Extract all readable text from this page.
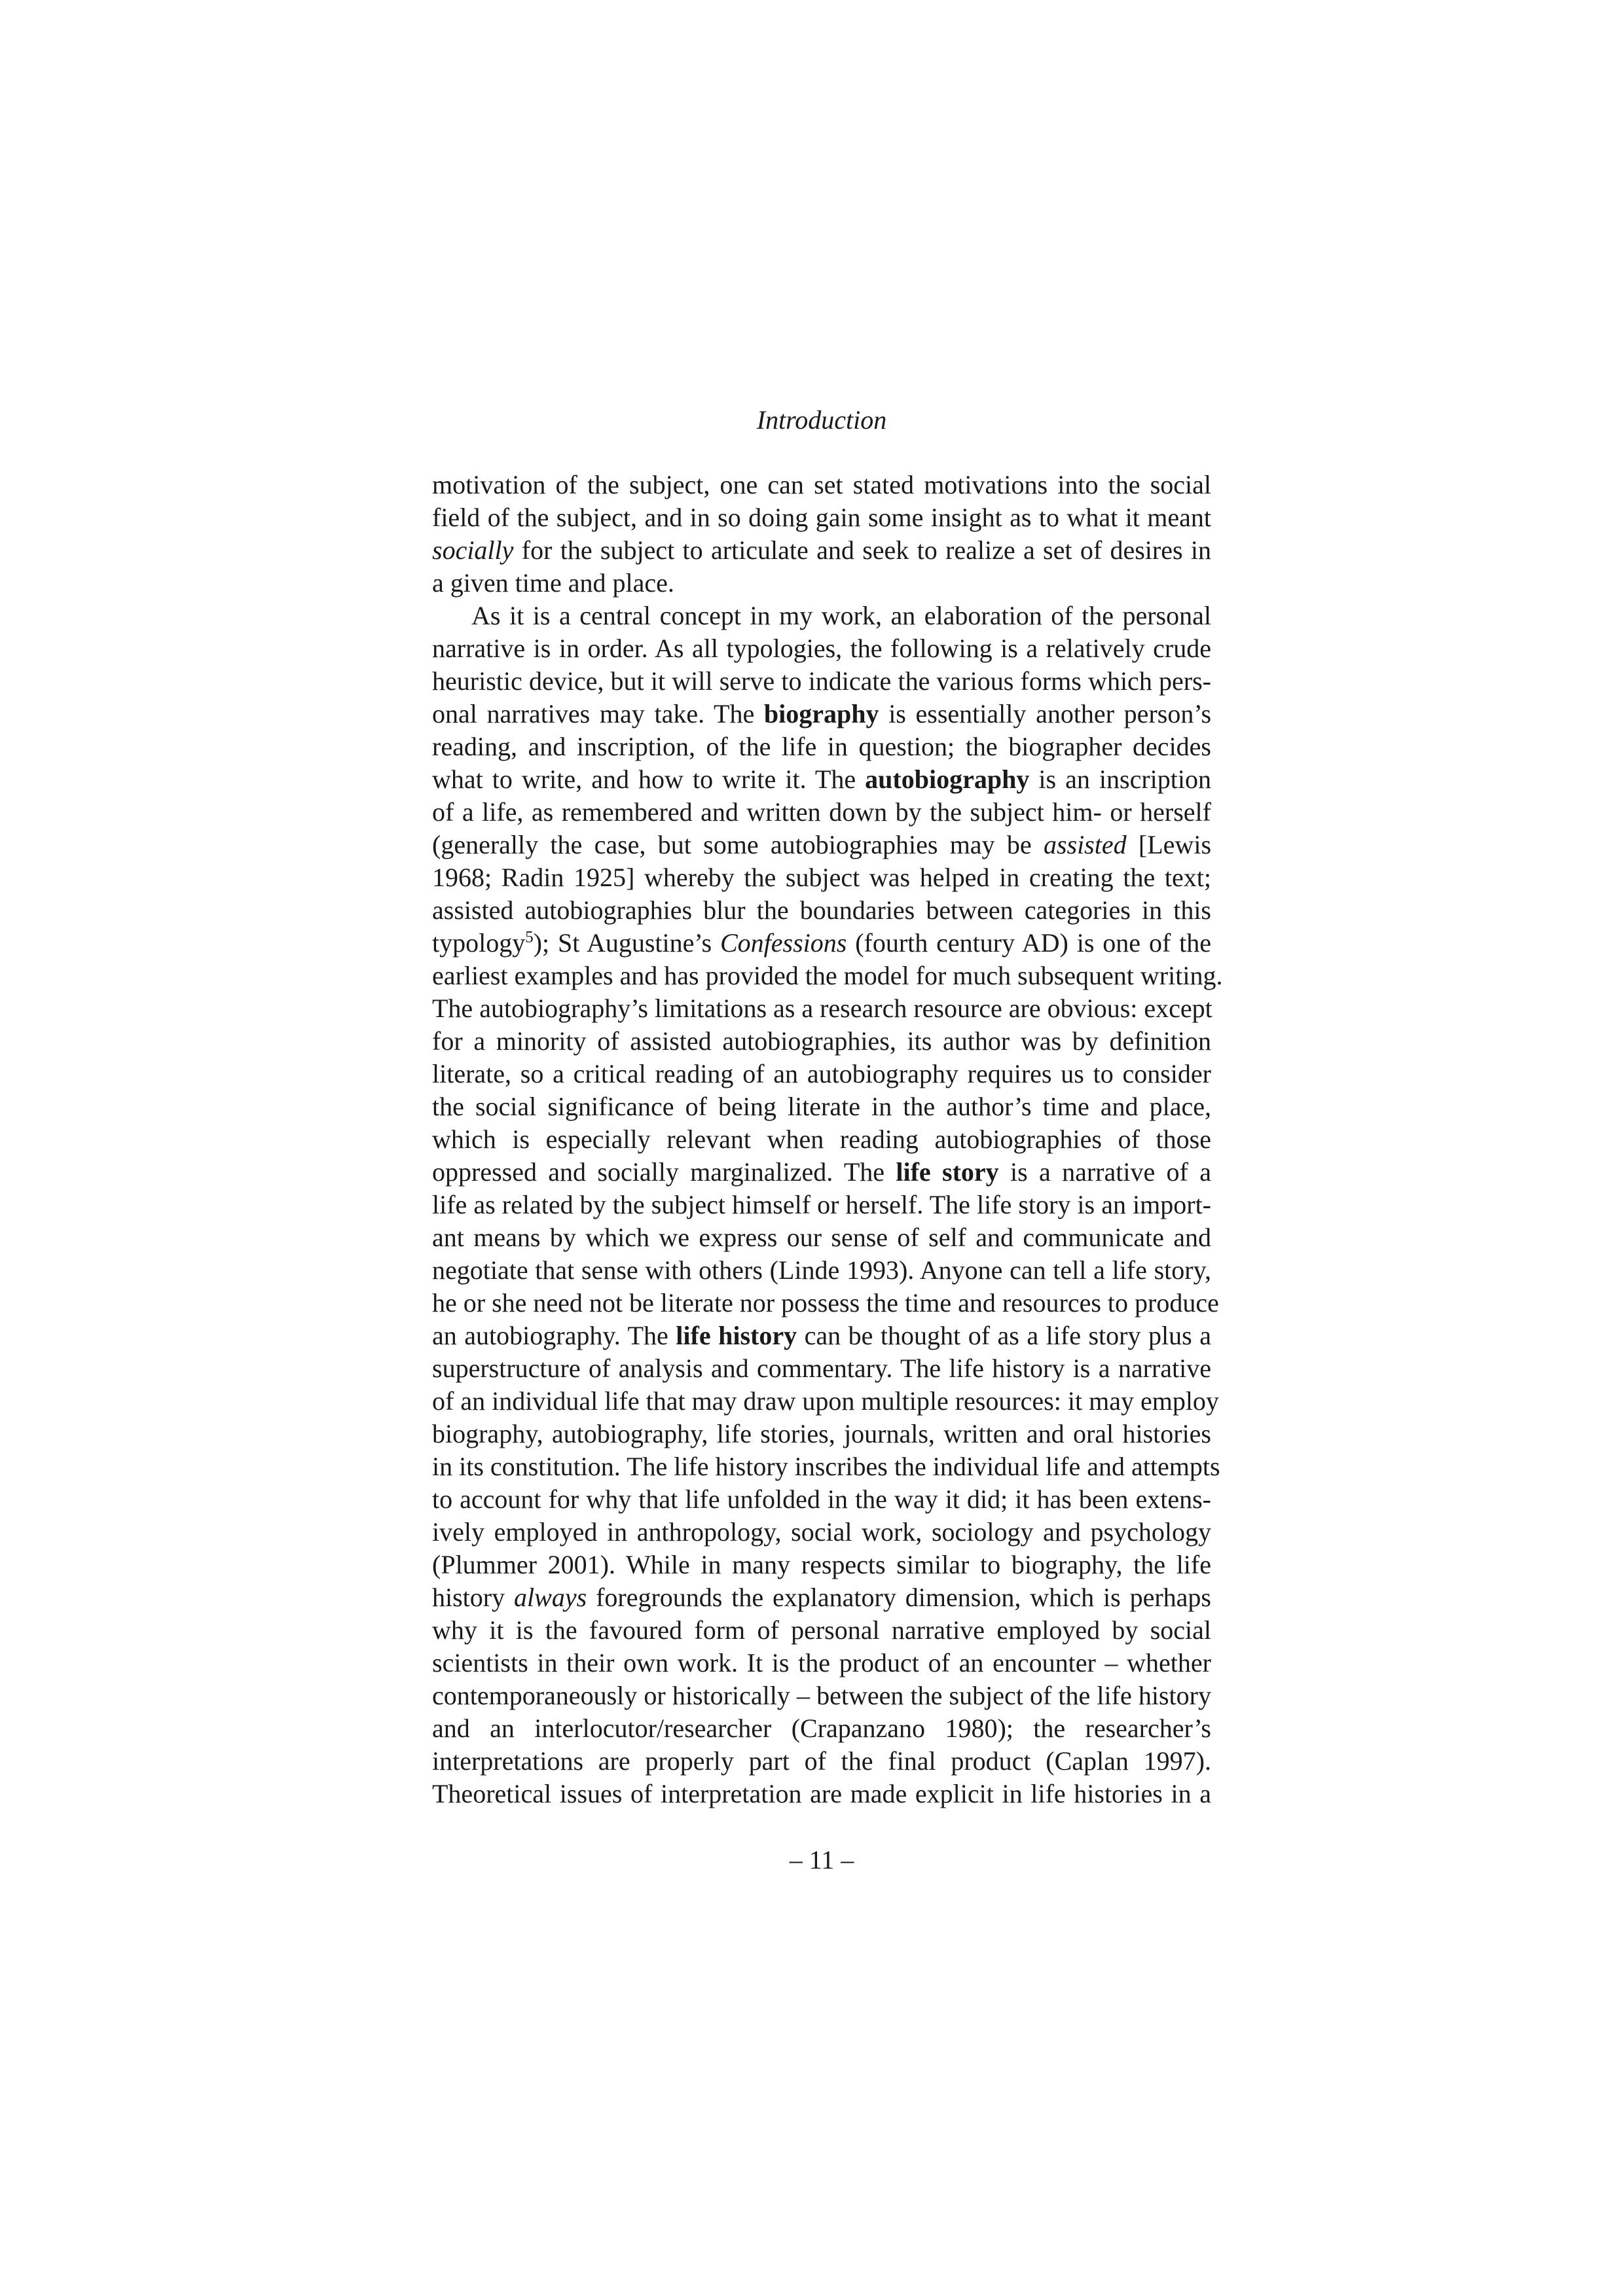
Introduction
motivation of the subject, one can set stated motivations into the social
field of the subject, and in so doing gain some insight as to what it meant
socially for the subject to articulate and seek to realize a set of desires in
a given time and place.
As it is a central concept in my work, an elaboration of the personal
narrative is in order. As all typologies, the following is a relatively crude
heuristic device, but it will serve to indicate the various forms which pers-
onal narratives may take. The biography is essentially another person’s
reading, and inscription, of the life in question; the biographer decides
what to write, and how to write it. The autobiography is an inscription
of a life, as remembered and written down by the subject him- or herself
(generally the case, but some autobiographies may be assisted [Lewis
1968; Radin 1925] whereby the subject was helped in creating the text;
assisted autobiographies blur the boundaries between categories in this
typology$^5$); St Augustine’s Confessions (fourth century AD) is one of the
earliest examples and has provided the model for much subsequent writing.
The autobiography’s limitations as a research resource are obvious: except
for a minority of assisted autobiographies, its author was by definition
literate, so a critical reading of an autobiography requires us to consider
the social significance of being literate in the author’s time and place,
which is especially relevant when reading autobiographies of those
oppressed and socially marginalized. The life story is a narrative of a
life as related by the subject himself or herself. The life story is an import-
ant means by which we express our sense of self and communicate and
negotiate that sense with others (Linde 1993). Anyone can tell a life story,
he or she need not be literate nor possess the time and resources to produce
an autobiography. The life history can be thought of as a life story plus a
superstructure of analysis and commentary. The life history is a narrative
of an individual life that may draw upon multiple resources: it may employ
biography, autobiography, life stories, journals, written and oral histories
in its constitution. The life history inscribes the individual life and attempts
to account for why that life unfolded in the way it did; it has been extens-
ively employed in anthropology, social work, sociology and psychology
(Plummer 2001). While in many respects similar to biography, the life
history always foregrounds the explanatory dimension, which is perhaps
why it is the favoured form of personal narrative employed by social
scientists in their own work. It is the product of an encounter – whether
contemporaneously or historically – between the subject of the life history
and an interlocutor/researcher (Crapanzano 1980); the researcher’s
interpretations are properly part of the final product (Caplan 1997).
Theoretical issues of interpretation are made explicit in life histories in a
– 11 –
